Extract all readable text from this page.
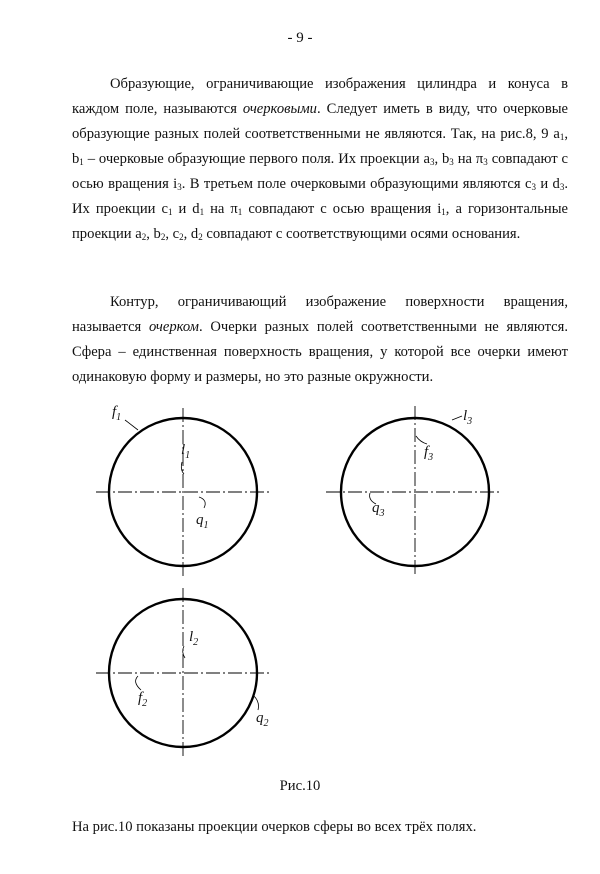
- 9 -

Образующие, ограничивающие изображения цилиндра и конуса в каждом поле, называются очерковыми. Следует иметь в виду, что очерковые образующие разных полей соответственными не являются. Так, на рис.8, 9 $a_1$, $b_1$ – очерковые образующие первого поля. Их проекции $a_3$, $b_3$ на $\pi_3$ совпадают с осью вращения $i_3$. В третьем поле очерковыми образующими являются $c_3$ и $d_3$. Их проекции $c_1$ и $d_1$ на $\pi_1$ совпадают с осью вращения $i_1$, а горизонтальные проекции $a_2$, $b_2$, $c_2$, $d_2$ совпадают с соответствующими осями основания.

Контур, ограничивающий изображение поверхности вращения, называется очерком. Очерки разных полей соответственными не являются. Сфера – единственная поверхность вращения, у которой все очерки имеют одинаковую форму и размеры, но это разные окружности.

$f_1$
$l_1$
$q_1$
$l_3$
$f_3$
$q_3$
$l_2$
$f_2$
$q_2$
Рис.10

На рис.10 показаны проекции очерков сферы во всех трёх полях.
